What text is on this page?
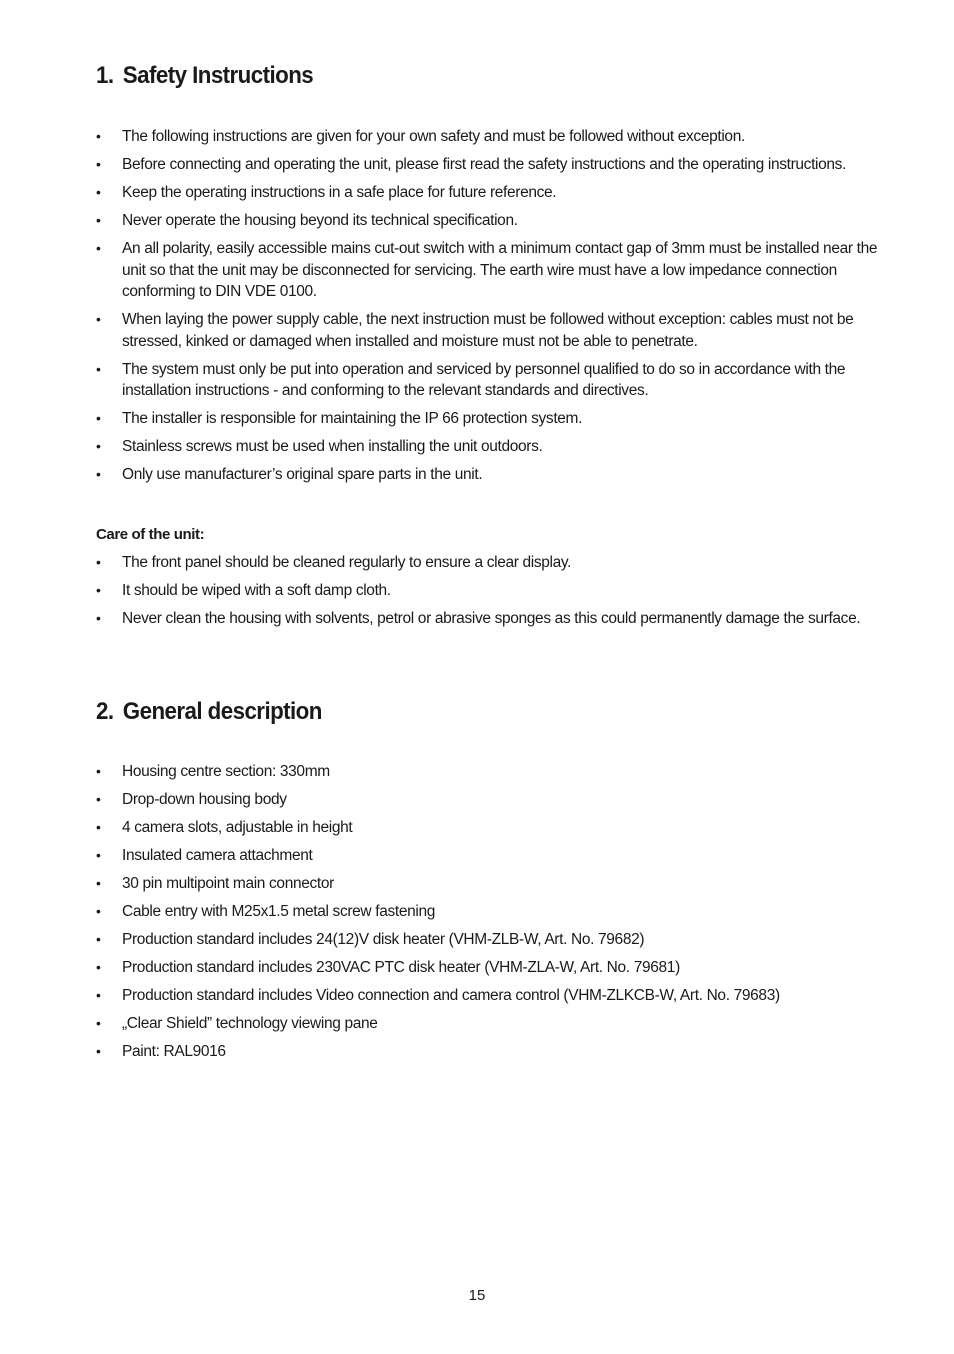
1. Safety Instructions
• The following instructions are given for your own safety and must be followed without exception.
• Before connecting and operating the unit, please first read the safety instructions and the operating instructions.
• Keep the operating instructions in a safe place for future reference.
• Never operate the housing beyond its technical specification.
• An all polarity, easily accessible mains cut-out switch with a minimum contact gap of 3mm must be installed near the unit so that the unit may be disconnected for servicing. The earth wire must have a low impedance connection conforming to DIN VDE 0100.
• When laying the power supply cable, the next instruction must be followed without exception: cables must not be stressed, kinked or damaged when installed and moisture must not be able to penetrate.
• The system must only be put into operation and serviced by personnel qualified to do so in accordance with the installation instructions - and conforming to the relevant standards and directives.
• The installer is responsible for maintaining the IP 66 protection system.
• Stainless screws must be used when installing the unit outdoors.
• Only use manufacturer’s original spare parts in the unit.

Care of the unit:

• The front panel should be cleaned regularly to ensure a clear display.
• It should be wiped with a soft damp cloth.
• Never clean the housing with solvents, petrol or abrasive sponges as this could permanently damage the surface.
2. General description
• Housing centre section: 330mm
• Drop-down housing body
• 4 camera slots, adjustable in height
• Insulated camera attachment
• 30 pin multipoint main connector
• Cable entry with M25x1.5 metal screw fastening
• Production standard includes 24(12)V disk heater (VHM-ZLB-W, Art. No. 79682)
• Production standard includes 230VAC PTC disk heater (VHM-ZLA-W, Art. No. 79681)
• Production standard includes Video connection and camera control (VHM-ZLKCB-W, Art. No. 79683)
• „Clear Shield” technology viewing pane
• Paint: RAL9016
15
